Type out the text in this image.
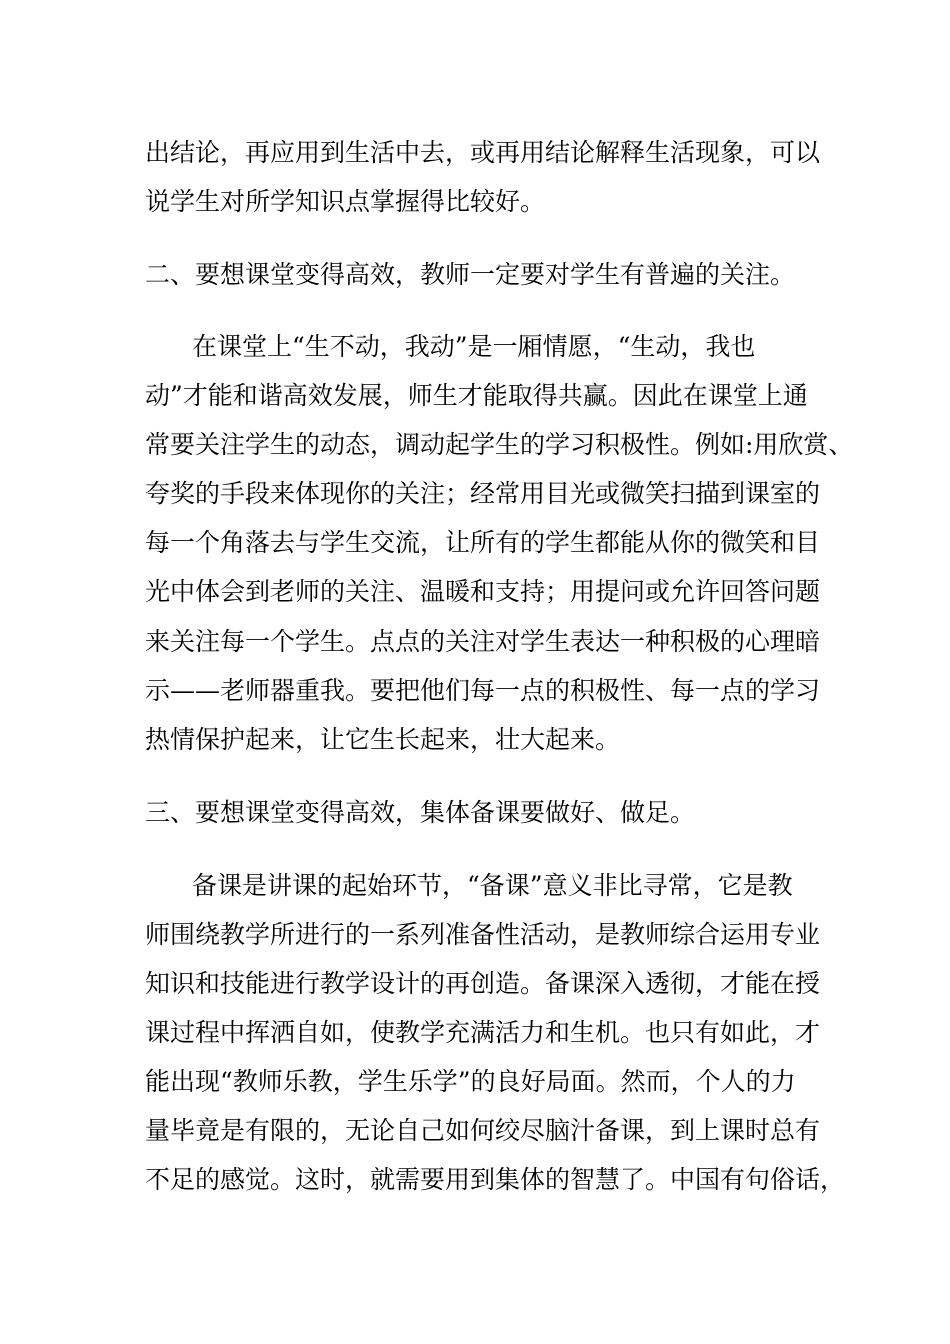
出结论，再应用到生活中去，或再用结论解释生活现象，可以
说学生对所学知识点掌握得比较好。
二、要想课堂变得高效，教师一定要对学生有普遍的关注。
在课堂上“生不动，我动”是一厢情愿，“生动，我也
动”才能和谐高效发展，师生才能取得共赢。因此在课堂上通
常要关注学生的动态，调动起学生的学习积极性。例如:用欣赏、
夸奖的手段来体现你的关注；经常用目光或微笑扫描到课室的
每一个角落去与学生交流，让所有的学生都能从你的微笑和目
光中体会到老师的关注、温暖和支持；用提问或允许回答问题
来关注每一个学生。点点的关注对学生表达一种积极的心理暗
示——老师器重我。要把他们每一点的积极性、每一点的学习
热情保护起来，让它生长起来，壮大起来。
三、要想课堂变得高效，集体备课要做好、做足。
备课是讲课的起始环节，“备课”意义非比寻常，它是教
师围绕教学所进行的一系列准备性活动，是教师综合运用专业
知识和技能进行教学设计的再创造。备课深入透彻，才能在授
课过程中挥洒自如，使教学充满活力和生机。也只有如此，才
能出现“教师乐教，学生乐学”的良好局面。然而，个人的力
量毕竟是有限的，无论自己如何绞尽脑汁备课，到上课时总有
不足的感觉。这时，就需要用到集体的智慧了。中国有句俗话，
